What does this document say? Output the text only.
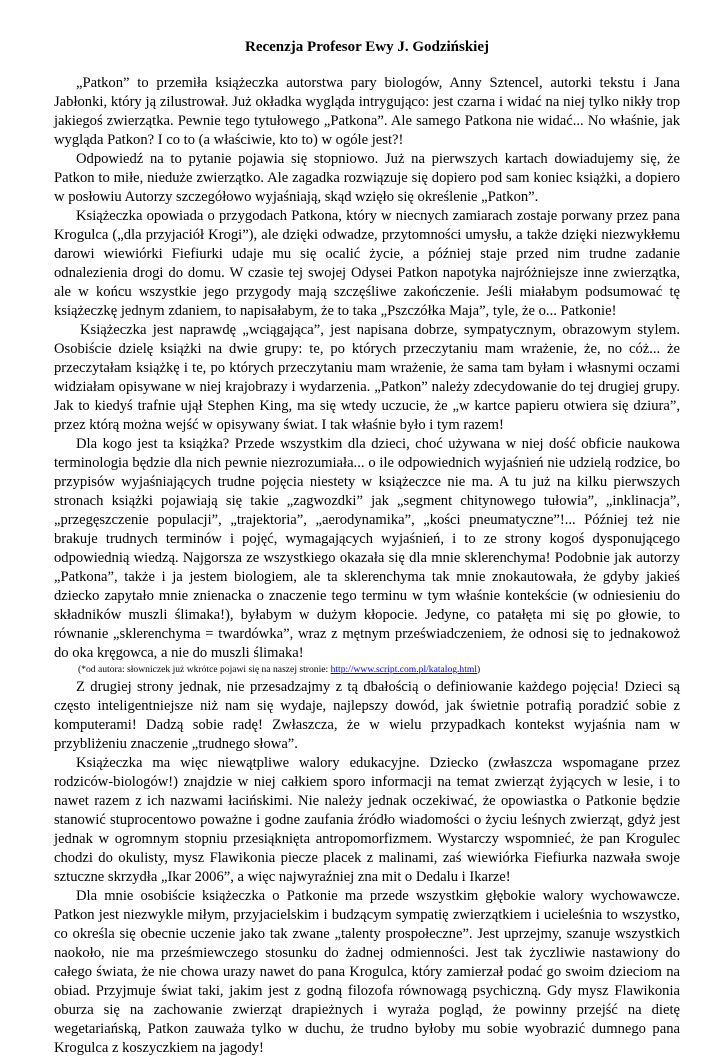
Recenzja Profesor Ewy J. Godzińskiej

„Patkon” to przemiła książeczka autorstwa pary biologów, Anny Sztencel, autorki tekstu i Jana Jabłonki, który ją zilustrował. Już okładka wygląda intrygująco: jest czarna i widać na niej tylko nikły trop jakiegoś zwierzątka. Pewnie tego tytułowego „Patkona”. Ale samego Patkona nie widać... No właśnie, jak wygląda Patkon? I co to (a właściwie, kto to) w ogóle jest?!

Odpowiedź na to pytanie pojawia się stopniowo. Już na pierwszych kartach dowiadujemy się, że Patkon to miłe, nieduże zwierzątko. Ale zagadka rozwiązuje się dopiero pod sam koniec książki, a dopiero w posłowiu Autorzy szczegółowo wyjaśniają, skąd wzięło się określenie „Patkon”.

Książeczka opowiada o przygodach Patkona, który w niecnych zamiarach zostaje porwany przez pana Krogulca („dla przyjaciół Krogi”), ale dzięki odwadze, przytomności umysłu, a także dzięki niezwykłemu darowi wiewiórki Fiefiurki udaje mu się ocalić życie, a później staje przed nim trudne zadanie odnalezienia drogi do domu. W czasie tej swojej Odysei Patkon napotyka najróżniejsze inne zwierzątka, ale w końcu wszystkie jego przygody mają szczęśliwe zakończenie. Jeśli miałabym podsumować tę książeczkę jednym zdaniem, to napisałabym, że to taka „Pszczółka Maja”, tyle, że o... Patkonie!

Książeczka jest naprawdę „wciągająca”, jest napisana dobrze, sympatycznym, obrazowym stylem. Osobiście dzielę książki na dwie grupy: te, po których przeczytaniu mam wrażenie, że, no cóż... że przeczytałam książkę i te, po których przeczytaniu mam wrażenie, że sama tam byłam i własnymi oczami widziałam opisywane w niej krajobrazy i wydarzenia. „Patkon” należy zdecydowanie do tej drugiej grupy. Jak to kiedyś trafnie ujął Stephen King, ma się wtedy uczucie, że „w kartce papieru otwiera się dziura”, przez którą można wejść w opisywany świat. I tak właśnie było i tym razem!

Dla kogo jest ta książka? Przede wszystkim dla dzieci, choć używana w niej dość obficie naukowa terminologia będzie dla nich pewnie niezrozumiała... o ile odpowiednich wyjaśnień nie udzielą rodzice, bo przypisów wyjaśniających trudne pojęcia niestety w książeczce nie ma. A tu już na kilku pierwszych stronach książki pojawiają się takie „zagwozdki” jak „segment chitynowego tułowia”, „inklinacja”, „przegęszczenie populacji”, „trajektoria”, „aerodynamika”, „kości pneumatyczne”!... Później też nie brakuje trudnych terminów i pojęć, wymagających wyjaśnień, i to ze strony kogoś dysponującego odpowiednią wiedzą. Najgorsza ze wszystkiego okazała się dla mnie sklerenchyma! Podobnie jak autorzy „Patkona”, także i ja jestem biologiem, ale ta sklerenchyma tak mnie znokautowała, że gdyby jakieś dziecko zapytało mnie znienacka o znaczenie tego terminu w tym właśnie kontekście (w odniesieniu do składników muszli ślimaka!), byłabym w dużym kłopocie. Jedyne, co patałęta mi się po głowie, to równanie „sklerenchyma = twardówka”, wraz z mętnym przeświadczeniem, że odnosi się to jednakowoż do oka kręgowca, a nie do muszli ślimaka!

(*od autora: słowniczek już wkrótce pojawi się na naszej stronie: http://www.script.com.pl/katalog.html)

Z drugiej strony jednak, nie przesadzajmy z tą dbałością o definiowanie każdego pojęcia! Dzieci są często inteligentniejsze niż nam się wydaje, najlepszy dowód, jak świetnie potrafią poradzić sobie z komputerami! Dadzą sobie radę! Zwłaszcza, że w wielu przypadkach kontekst wyjaśnia nam w przybliżeniu znaczenie „trudnego słowa”.

Książeczka ma więc niewątpliwe walory edukacyjne. Dziecko (zwłaszcza wspomagane przez rodziców-biologów!) znajdzie w niej całkiem sporo informacji na temat zwierząt żyjących w lesie, i to nawet razem z ich nazwami łacińskimi. Nie należy jednak oczekiwać, że opowiastka o Patkonie będzie stanowić stuprocentowo poważne i godne zaufania źródło wiadomości o życiu leśnych zwierząt, gdyż jest jednak w ogromnym stopniu przesiąknięta antropomorfizmem. Wystarczy wspomnieć, że pan Krogulec chodzi do okulisty, mysz Flawikonia piecze placek z malinami, zaś wiewiórka Fiefiurka nazwała swoje sztuczne skrzydła „Ikar 2006”, a więc najwyraźniej zna mit o Dedalu i Ikarze!

Dla mnie osobiście książeczka o Patkonie ma przede wszystkim głębokie walory wychowawcze. Patkon jest niezwykle miłym, przyjacielskim i budzącym sympatię zwierzątkiem i ucieleśnia to wszystko, co określa się obecnie uczenie jako tak zwane „talenty prospołeczne”. Jest uprzejmy, szanuje wszystkich naokoło, nie ma prześmiewczego stosunku do żadnej odmienności. Jest tak życzliwie nastawiony do całego świata, że nie chowa urazy nawet do pana Krogulca, który zamierzał podać go swoim dzieciom na obiad. Przyjmuje świat taki, jakim jest z godną filozofa równowagą psychiczną. Gdy mysz Flawikonia oburza się na zachowanie zwierząt drapieżnych i wyraża pogląd, że powinny przejść na dietę wegetariańską, Patkon zauważa tylko w duchu, że trudno byłoby mu sobie wyobrazić dumnego pana Krogulca z koszyczkiem na jagody!
